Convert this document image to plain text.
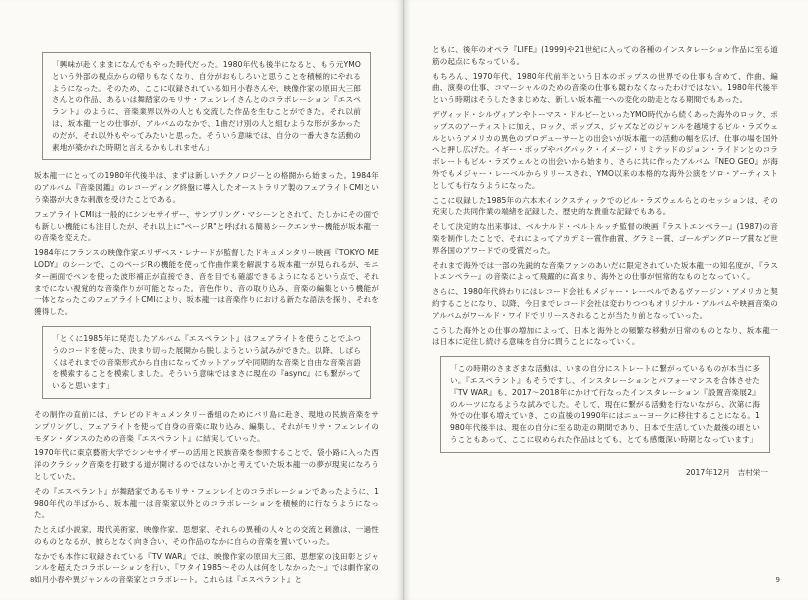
「興味が赴くままになんでもやった時代だった。1980年代も後半になると、もう元YMOという外部の視点からの帰りもなくなり、自分がおもしろいと思うことを積極的にやれるようになった。そのため、ここに収録されている如月小春さんや、映像作家の原田大三郎さんとの作品、あるいは舞踏家のモリサ・フェンレイさんとのコラボレーション『エスペラント』のように、音楽業界以外の人とも交流した作品を生むことができた。それ以前は、坂本龍一との仕事が、アルバムのなかで、1曲だけ別の人と組むような形が多かったのだが、それ以外もやってみたいと思った。そういう意味では、自分の一番大きな活動の素地が築かれた時期と言えるかもしれません」

坂本龍一にとっての1980年代後半は、まずは新しいテクノロジーとの格闘から始まった。1984年のアルバム『音楽図鑑』のレコーディング終盤に導入したオーストラリア製のフェアライトCMIという楽器が大きな刺激を受けたことである。

フェアライトCMIは一般的にシンセサイザー、サンプリング・マシーンとされて、たしかにその面でも新しい機能にも注目したが、それ以上に"ページR"と呼ばれる簡易シークエンサー機能が坂本龍一の音楽を変えた。

1984年にフランスの映像作家エリザベス・レナードが監督したドキュメンタリー映画『TOKYO MELODY』のシーンで、このページRの機能を使って作曲作業を解説する坂本龍一が見られるが、モニター画面でペンを使った波形補正が直接でき、音を目でも確認できるようになるという点で、それまでにない視覚的な音楽作りが可能となった。音色作り、音の取り込み、音楽の編集という機能が一体となったこのフェアライトCMIにより、坂本龍一は音楽作りにおける新たな語法を探り、それを獲得した。

「とくに1985年に発売したアルバム『エスペラント』はフェアライトを使うことでふつうのコードを使った、決まり切った展開から脱しようという試みができた。以降、しばらくはそれまでの音楽形式から自由になってカットアップや同期的な音楽と自由な音楽言語を模索することを模索しました。そういう意味ではまさに現在の『async』にも繋がっていると思います」

その制作の直前には、テレビのドキュメンタリー番組のためにバリ島に赴き、現地の民族音楽をサンプリングし、フェアライトを使って自身の音楽に取り込み、編集し、それがモリサ・フェンレイのモダン・ダンスのための音楽『エスペラント』に結実していった。

1970年代に東京藝術大学でシンセサイザーの活用と民族音楽を参照することで、袋小路に入った西洋のクラシック音楽を打破する道が開けるのではないかと考えていた坂本龍一の夢が現実になろうとしていた。

その『エスペラント』が舞踏家であるモリサ・フェンレイとのコラボレーションであったように、1980年代の半ばから、坂本龍一は音楽家以外とのコラボレーションを積極的に行なうようになった。

たとえば小説家、現代美術家、映像作家、思想家、それらの異種の人々との交流と刺激は、一過性のものとなるが、彼らとなく向き合い、その作品のなかに自らの音楽を置いていった。

なかでも本作に収録されている『TV WAR』では、映像作家の原田大三郎、思想家の浅田彰とジャンルを超えたコラボレーションを行い、『ワタイ1985〜その人は何をしなかった〜』では劇作家の如月小春や異ジャンルの音楽家とコラボレート。これらは『エスペラント』と

8

ともに、後年のオペラ『LIFE』(1999)や21世紀に入っての各種のインスタレーション作品に至る道筋の起点にもなっている。

もちろん、1970年代、1980年代前半という日本のポップスの世界での仕事も含めて、作曲、編曲、演奏の仕事、コマーシャルのための音楽の仕事も競わなくなったわけではない。1980年代後半という時期はそうしたきまじめな、新しい坂本龍一への変化の助走となる期間でもあった。

デヴィッド・シルヴィアンやトーマス・ドルビーといったYMO時代から続くあった海外のロック、ポップスのアーティストに加え、ロック、ポップス、ジャズなどのジャンルを越境するビル・ラズウェルというアメリカの異色のプロデューサーとの出会いが坂本龍一の活動の幅を広げ、仕事の場を国外へと押し広げた。イギー・ポップやバグパック・イメージ・リミテッドのジョン・ライドンとのコラボレートもビル・ラズウェルとの出会いから始まり、さらに共に作ったアルバム『NEO GEO』が海外でもメジャー・レーベルからリリースされ、YMO以来の本格的な海外公演をソロ・アーティストとしても行なうようになった。

ここに収録した1985年の六本木インクスティックでのビル・ラズウェルらとのセッションは、その充実した共同作業の端緒を記録した、歴史的な貴重な記録でもある。

そして決定的な出来事は、ベルナルド・ベルトルッチ監督の映画『ラストエンペラー』(1987)の音楽を制作したことで、それによってアカデミー賞作曲賞、グラミー賞、ゴールデングローブ賞など世界各国のアワードでの受賞だった。

それまで海外では一部の先鋭的な音楽ファンのあいだに限定されていた坂本龍一の知名度が、『ラストエンペラー』の音楽によって飛躍的に高まり、海外との仕事が恒常的なものとなっていく。

さらに、1980年代終わりにはレコード会社もメジャー・レーベルであるヴァージン・アメリカと契約することになり、以降、今日までレコード会社は変わりつつもオリジナル・アルバムや映画音楽のアルバムがワールド・ワイドでリリースされることが当たり前となっていった。

こうした海外との仕事の増加によって、日本と海外との頻繁な移動が日常のものとなり、坂本龍一は日本に定住し続ける意味を自分に問うことになっていく。

「この時期のさまざまな活動は、いまの自分にストレートに繋がっているものが本当に多い。『エスペラント』もそうですし、インスタレーションとパフォーマンスを合体させた『TV WAR』も、2017〜2018年にかけて行なったインスタレーション『設置音楽展2』のルーツになるような試みでした。そして、現在に繋がる活動を行ないながら、次第に海外での仕事も増えていき、この直後の1990年にはニューヨークに移住することになる。1980年代後半は、現在の自分に至る助走の期間であり、日本で生活していた最後の頃ということもあって、ここに収められた作品はとても、とても感慨深い時期となっています」

2017年12月　吉村栄一
9
